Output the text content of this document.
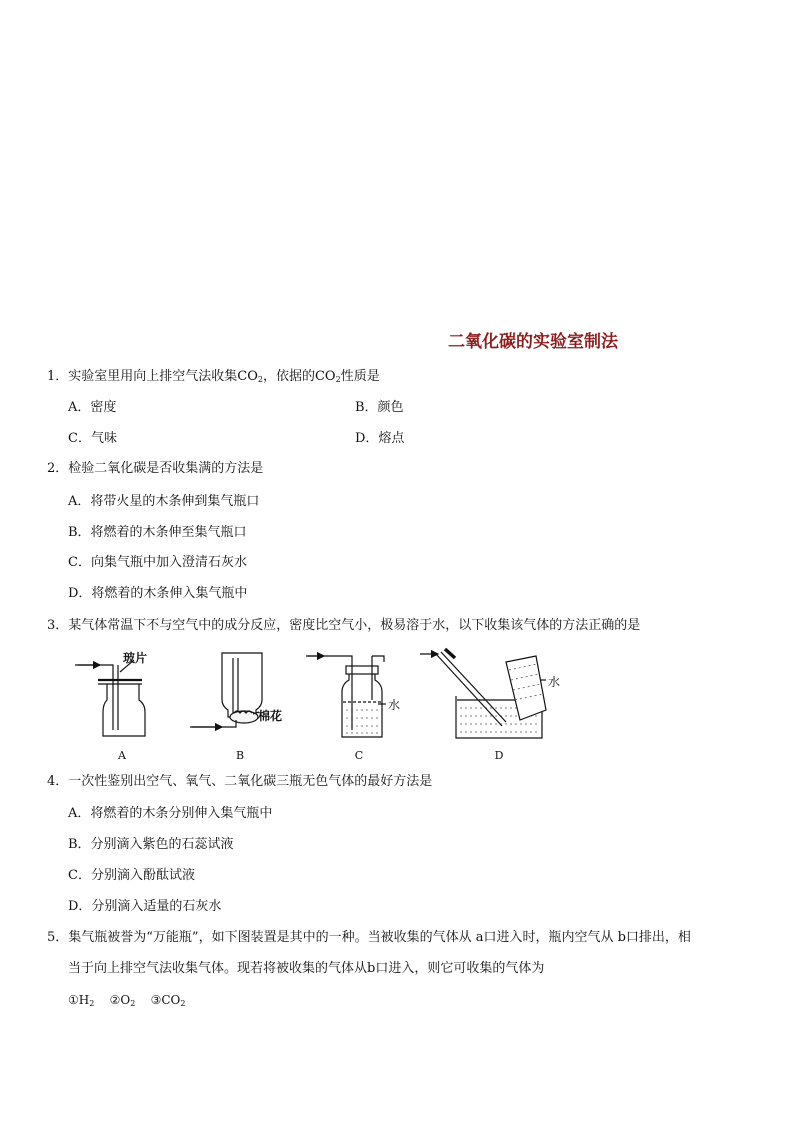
二氧化碳的实验室制法
1．实验室里用向上排空气法收集$CO_2$，依据的$CO_2$性质是
A．密度	B．颜色
C．气味	D．熔点
2．检验二氧化碳是否收集满的方法是
A．将带火星的木条伸到集气瓶口
B．将燃着的木条伸至集气瓶口
C．向集气瓶中加入澄清石灰水
D．将燃着的木条伸入集气瓶中
3．某气体常温下不与空气中的成分反应，密度比空气小，极易溶于水，以下收集该气体的方法正确的是
玻片
棉花
水
水
A	B	C	D
4．一次性鉴别出空气、氧气、二氧化碳三瓶无色气体的最好方法是
A．将燃着的木条分别伸入集气瓶中
B．分别滴入紫色的石蕊试液
C．分别滴入酚酞试液
D．分别滴入适量的石灰水
5．集气瓶被誉为“万能瓶”，如下图装置是其中的一种。当被收集的气体从 a口进入时，瓶内空气从 b口排出，相
当于向上排空气法收集气体。现若将被收集的气体从b口进入，则它可收集的气体为
$①H_2$ $②O_2$ $③CO_2$
